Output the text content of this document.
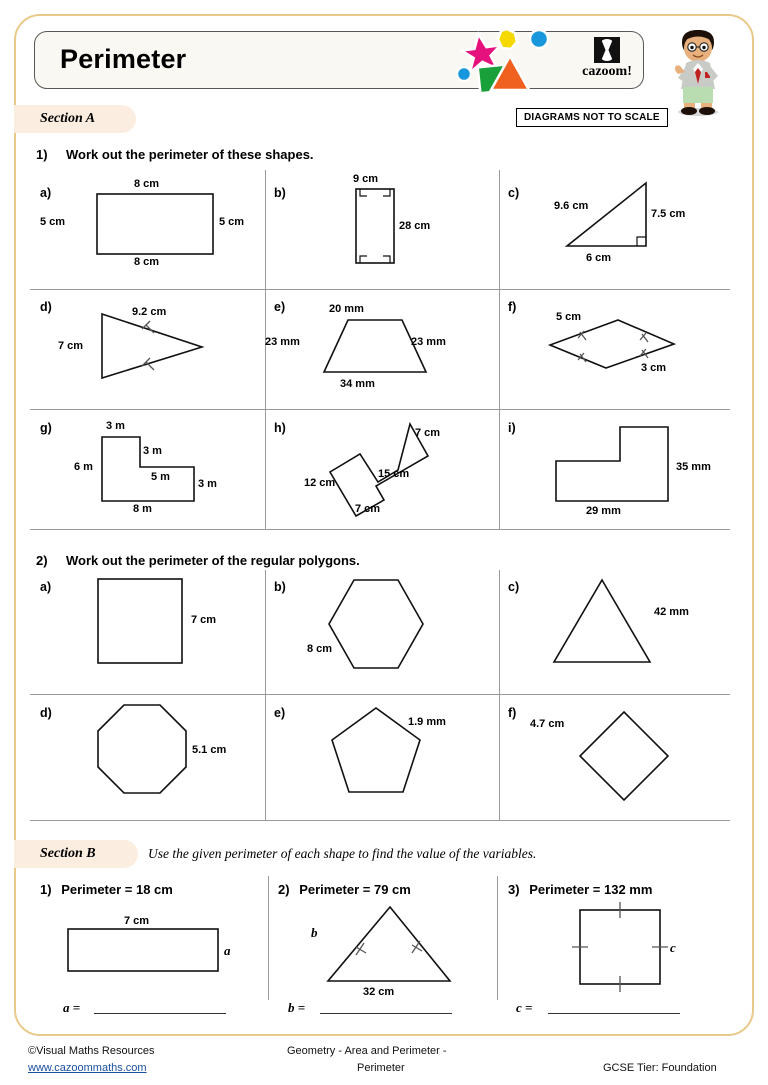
Perimeter	cazoom!
DIAGRAMS NOT TO SCALE
Section A
1) Work out the perimeter of these shapes.
a)
8 cm
5 cm	5 cm
8 cm
b)
9 cm
28 cm
c)
9.6 cm
7.5 cm
6 cm
d)	9.2 cm
7 cm
e)	20 mm
23 mm	23 mm
34 mm
f)
5 cm
3 cm
g)	3 m
3 m
6 m
5 m
3 m
8 m
h)	7 cm
15 cm
12 cm
7 cm
i)
35 mm
29 mm
2) Work out the perimeter of the regular polygons.
a)
7 cm
b)
8 cm
c)
42 mm
d)
5.1 cm
e)
1.9 mm
f)
4.7 cm
Section B	Use the given perimeter of each shape to find the value of the variables.
1) Perimeter = 18 cm
7 cm
a
a =
2) Perimeter = 79 cm
b
32 cm
b =
3) Perimeter = 132 mm
c
c =
©Visual Maths Resources
www.cazoommaths.com
Geometry - Area and Perimeter -
Perimeter	GCSE Tier: Foundation
